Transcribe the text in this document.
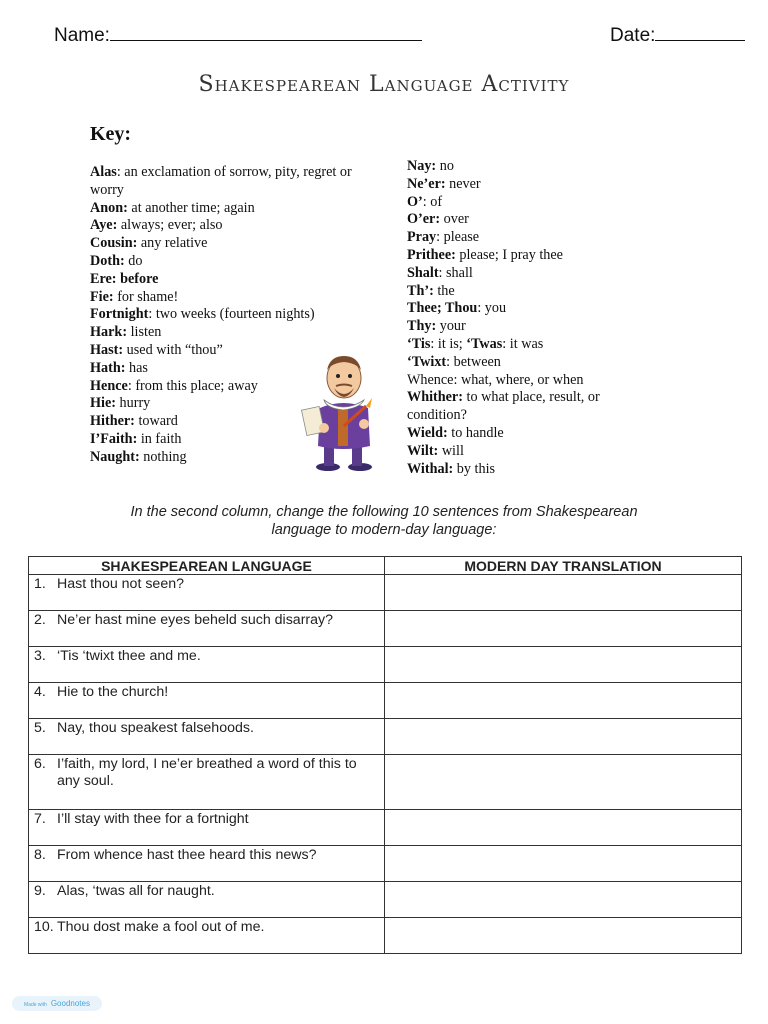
Name:	Date:
Shakespearean Language Activity
Key:
Alas: an exclamation of sorrow, pity, regret or worry
Anon: at another time; again
Aye: always; ever; also
Cousin: any relative
Doth: do
Ere: before
Fie: for shame!
Fortnight: two weeks (fourteen nights)
Hark: listen
Hast: used with “thou”
Hath: has
Hence: from this place; away
Hie: hurry
Hither: toward
I’Faith: in faith
Naught: nothing
Nay: no
Ne’er: never
O’: of
O’er: over
Pray: please
Prithee: please; I pray thee
Shalt: shall
Th’: the
Thee; Thou: you
Thy: your
‘Tis: it is; ‘Twas: it was
‘Twixt: between
Whence: what, where, or when
Whither: to what place, result, or condition?
Wield: to handle
Wilt: will
Withal: by this
In the second column, change the following 10 sentences from Shakespearean
language to modern-day language:
SHAKESPEAREAN LANGUAGE	MODERN DAY TRANSLATION

1. Hast thou not seen?	

2. Ne’er hast mine eyes beheld such disarray?	

3. ‘Tis ‘twixt thee and me.	

4. Hie to the church!	

5. Nay, thou speakest falsehoods.	

6. I’faith, my lord, I ne’er breathed a word of this to any soul.	

7. I’ll stay with thee for a fortnight	

8. From whence hast thee heard this news?	

9. Alas, ‘twas all for naught.	

10. Thou dost make a fool out of me.	

Made with Goodnotes
